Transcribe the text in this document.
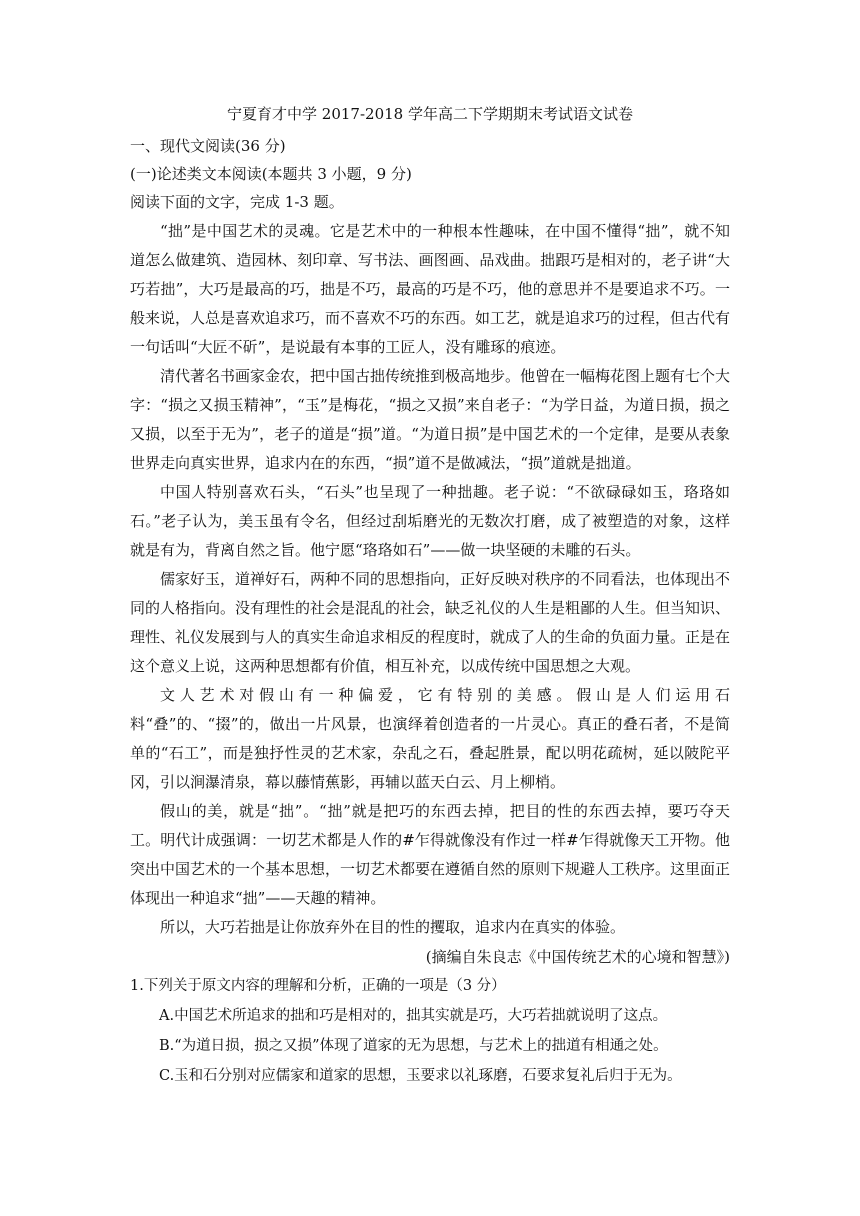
宁夏育才中学 2017-2018 学年高二下学期期末考试语文试卷
一、现代文阅读(36 分)
(一)论述类文本阅读(本题共 3 小题，9 分)
阅读下面的文字，完成 1-3 题。

“拙”是中国艺术的灵魂。它是艺术中的一种根本性趣味，在中国不懂得“拙”，就不知道怎么做建筑、造园林、刻印章、写书法、画图画、品戏曲。拙跟巧是相对的，老子讲“大巧若拙”，大巧是最高的巧，拙是不巧，最高的巧是不巧，他的意思并不是要追求不巧。一般来说，人总是喜欢追求巧，而不喜欢不巧的东西。如工艺，就是追求巧的过程，但古代有一句话叫“大匠不斫”，是说最有本事的工匠人，没有雕琢的痕迹。

清代著名书画家金农，把中国古拙传统推到极高地步。他曾在一幅梅花图上题有七个大字：“损之又损玉精神”，“玉”是梅花，“损之又损”来自老子：“为学日益，为道日损，损之又损，以至于无为”，老子的道是“损”道。“为道日损”是中国艺术的一个定律，是要从表象世界走向真实世界，追求内在的东西，“损”道不是做减法，“损”道就是拙道。

中国人特别喜欢石头，“石头”也呈现了一种拙趣。老子说：“不欲碌碌如玉，珞珞如石。”老子认为，美玉虽有令名，但经过刮垢磨光的无数次打磨，成了被塑造的对象，这样就是有为，背离自然之旨。他宁愿“珞珞如石”——做一块坚硬的未雕的石头。

儒家好玉，道禅好石，两种不同的思想指向，正好反映对秩序的不同看法，也体现出不同的人格指向。没有理性的社会是混乱的社会，缺乏礼仪的人生是粗鄙的人生。但当知识、理性、礼仪发展到与人的真实生命追求相反的程度时，就成了人的生命的负面力量。正是在这个意义上说，这两种思想都有价值，相互补充，以成传统中国思想之大观。

文人艺术对假山有一种偏爱，它有特别的美感。假山是人们运用石料“叠”的、“掇”的，做出一片风景，也演绎着创造者的一片灵心。真正的叠石者，不是简单的“石工”，而是独抒性灵的艺术家，杂乱之石，叠起胜景，配以明花疏树，延以陂陀平冈，引以涧瀑清泉，幕以藤情蕉影，再辅以蓝天白云、月上柳梢。

假山的美，就是“拙”。“拙”就是把巧的东西去掉，把目的性的东西去掉，要巧夺天工。明代计成强调：一切艺术都是人作的#乍得就像没有作过一样#乍得就像天工开物。他突出中国艺术的一个基本思想，一切艺术都要在遵循自然的原则下规避人工秩序。这里面正体现出一种追求“拙”——天趣的精神。

所以，大巧若拙是让你放弃外在目的性的攫取，追求内在真实的体验。

(摘编自朱良志《中国传统艺术的心境和智慧》)
1.下列关于原文内容的理解和分析，正确的一项是（3 分）
A.中国艺术所追求的拙和巧是相对的，拙其实就是巧，大巧若拙就说明了这点。
B.“为道日损，损之又损”体现了道家的无为思想，与艺术上的拙道有相通之处。
C.玉和石分别对应儒家和道家的思想，玉要求以礼琢磨，石要求复礼后归于无为。
